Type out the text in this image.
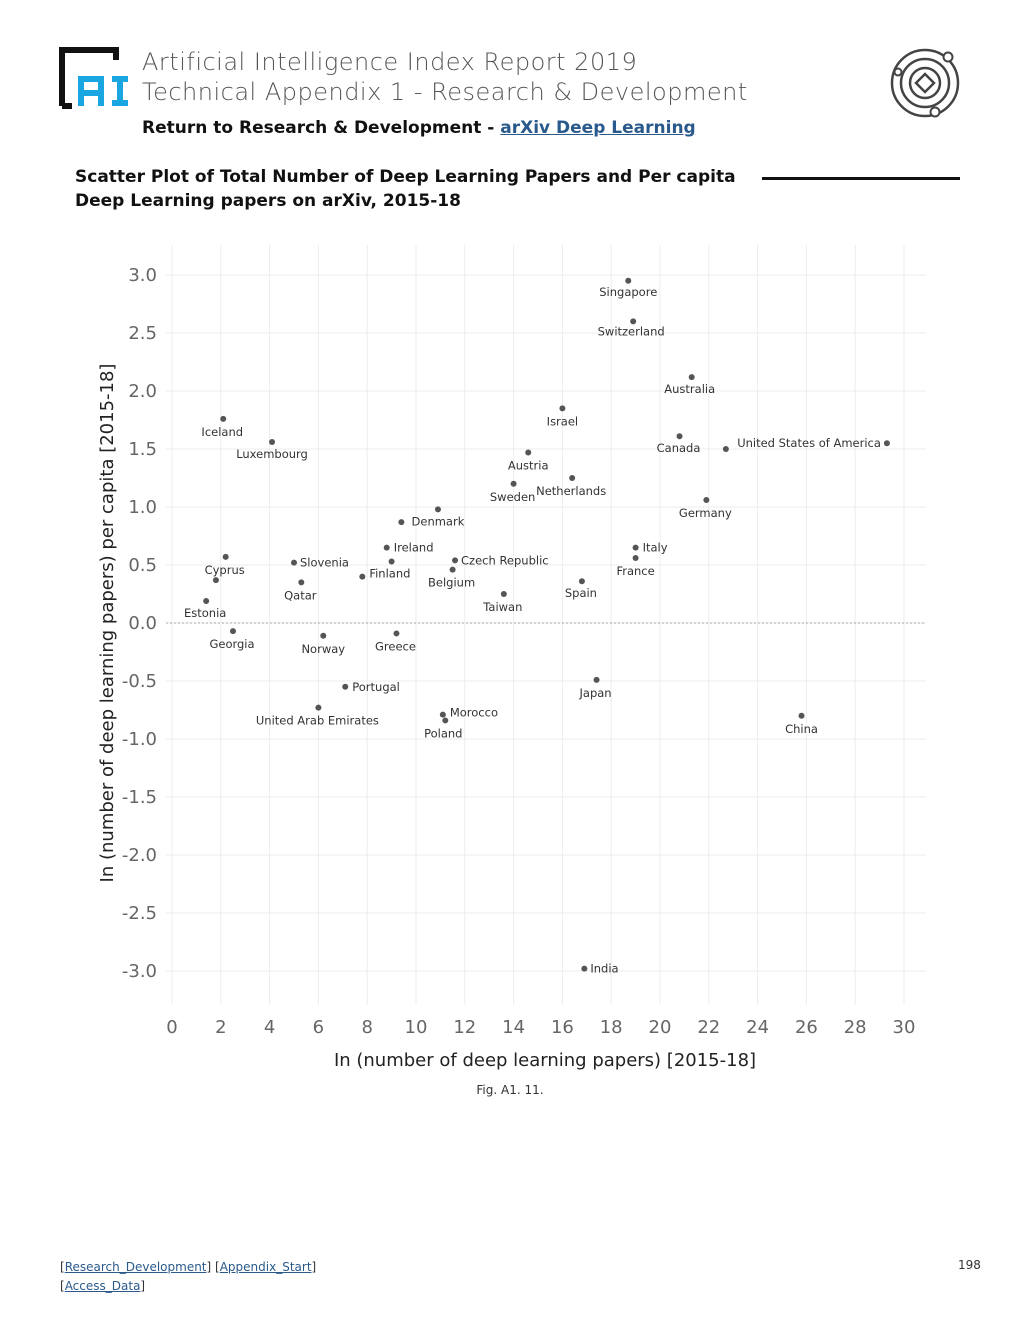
Artificial Intelligence Index Report 2019
Technical Appendix 1 - Research & Development
Return to Research & Development - arXiv Deep Learning
Scatter Plot of Total Number of Deep Learning Papers and Per capita Deep Learning papers on arXiv, 2015-18
0 2 4 6 8 10 12 14 16 18 20 22 24 26 28 30
3.0
2.5
2.0
1.5
1.0
0.5
0.0
-0.5
-1.0
-1.5
-2.0
-2.5
-3.0
Singapore
Switzerland
Australia
Israel
Iceland
Luxembourg	Canada	United States of America
Austria
Netherlands
Sweden
Germany
Denmark
Ireland	Italy
Cyprus	France
Czech Republic
Slovenia
Belgium
Finland
Spain
Qatar
Taiwan
Estonia
Georgia	Greece
Norway
Japan
Portugal
United Arab Emirates
Morocco
China
Poland
India
In (number of deep learning papers) [2015-18]
In (number of deep learning papers) per capita [2015-18]
Fig. A1. 11.
[Research_Development] [Appendix_Start]
[Access_Data]
198
